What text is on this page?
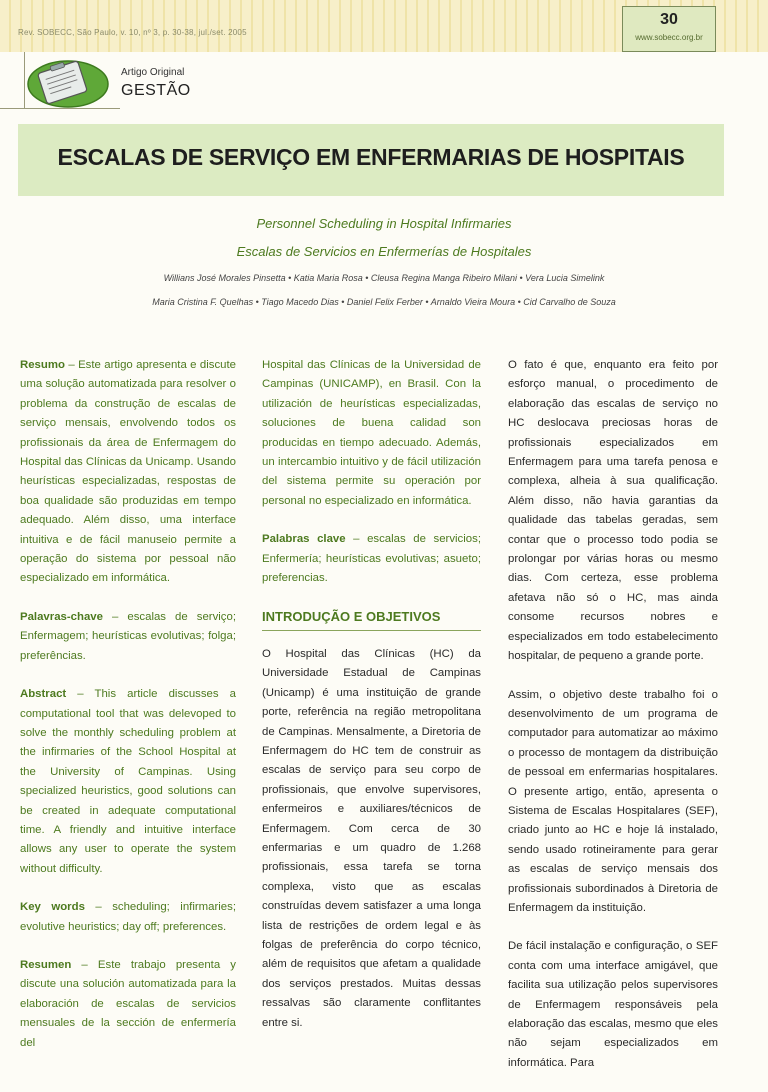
Rev. SOBECC, São Paulo, v. 10, nº 3, p. 30-38, jul./set. 2005
30
www.sobecc.org.br
Artigo Original
GESTÃO
ESCALAS DE SERVIÇO EM ENFERMARIAS DE HOSPITAIS
Personnel Scheduling in Hospital Infirmaries
Escalas de Servicios en Enfermerías de Hospitales
Willians José Morales Pinsetta • Katia Maria Rosa • Cleusa Regina Manga Ribeiro Milani • Vera Lucia Simelink
Maria Cristina F. Quelhas • Tiago Macedo Dias • Daniel Felix Ferber • Arnaldo Vieira Moura • Cid Carvalho de Souza

Resumo – Este artigo apresenta e discute uma solução automatizada para resolver o problema da construção de escalas de serviço mensais, envolvendo todos os profissionais da área de Enfermagem do Hospital das Clínicas da Unicamp. Usando heurísticas especializadas, respostas de boa qualidade são produzidas em tempo adequado. Além disso, uma interface intuitiva e de fácil manuseio permite a operação do sistema por pessoal não especializado em informática.

Palavras-chave – escalas de serviço; Enfermagem; heurísticas evolutivas; folga; preferências.

Abstract – This article discusses a computational tool that was delevoped to solve the monthly scheduling problem at the infirmaries of the School Hospital at the University of Campinas. Using specialized heuristics, good solutions can be created in adequate computational time. A friendly and intuitive interface allows any user to operate the system without difficulty.

Key words – scheduling; infirmaries; evolutive heuristics; day off; preferences.

Resumen – Este trabajo presenta y discute una solución automatizada para la elaboración de escalas de servicios mensuales de la sección de enfermería del

Hospital das Clínicas de la Universidad de Campinas (UNICAMP), en Brasil. Con la utilización de heurísticas especializadas, soluciones de buena calidad son producidas en tiempo adecuado. Además, un intercambio intuitivo y de fácil utilización del sistema permite su operación por personal no especializado en informática.

Palabras clave – escalas de servicios; Enfermería; heurísticas evolutivas; asueto; preferencias.

INTRODUÇÃO E OBJETIVOS

O Hospital das Clínicas (HC) da Universidade Estadual de Campinas (Unicamp) é uma instituição de grande porte, referência na região metropolitana de Campinas. Mensalmente, a Diretoria de Enfermagem do HC tem de construir as escalas de serviço para seu corpo de profissionais, que envolve supervisores, enfermeiros e auxiliares/técnicos de Enfermagem. Com cerca de 30 enfermarias e um quadro de 1.268 profissionais, essa tarefa se torna complexa, visto que as escalas construídas devem satisfazer a uma longa lista de restrições de ordem legal e às folgas de preferência do corpo técnico, além de requisitos que afetam a qualidade dos serviços prestados. Muitas dessas ressalvas são claramente conflitantes entre si.

O fato é que, enquanto era feito por esforço manual, o procedimento de elaboração das escalas de serviço no HC deslocava preciosas horas de profissionais especializados em Enfermagem para uma tarefa penosa e complexa, alheia à sua qualificação. Além disso, não havia garantias da qualidade das tabelas geradas, sem contar que o processo todo podia se prolongar por várias horas ou mesmo dias. Com certeza, esse problema afetava não só o HC, mas ainda consome recursos nobres e especializados em todo estabelecimento hospitalar, de pequeno a grande porte.

Assim, o objetivo deste trabalho foi o desenvolvimento de um programa de computador para automatizar ao máximo o processo de montagem da distribuição de pessoal em enfermarias hospitalares. O presente artigo, então, apresenta o Sistema de Escalas Hospitalares (SEF), criado junto ao HC e hoje lá instalado, sendo usado rotineiramente para gerar as escalas de serviço mensais dos profissionais subordinados à Diretoria de Enfermagem da instituição.

De fácil instalação e configuração, o SEF conta com uma interface amigável, que facilita sua utilização pelos supervisores de Enfermagem responsáveis pela elaboração das escalas, mesmo que eles não sejam especializados em informática. Para
